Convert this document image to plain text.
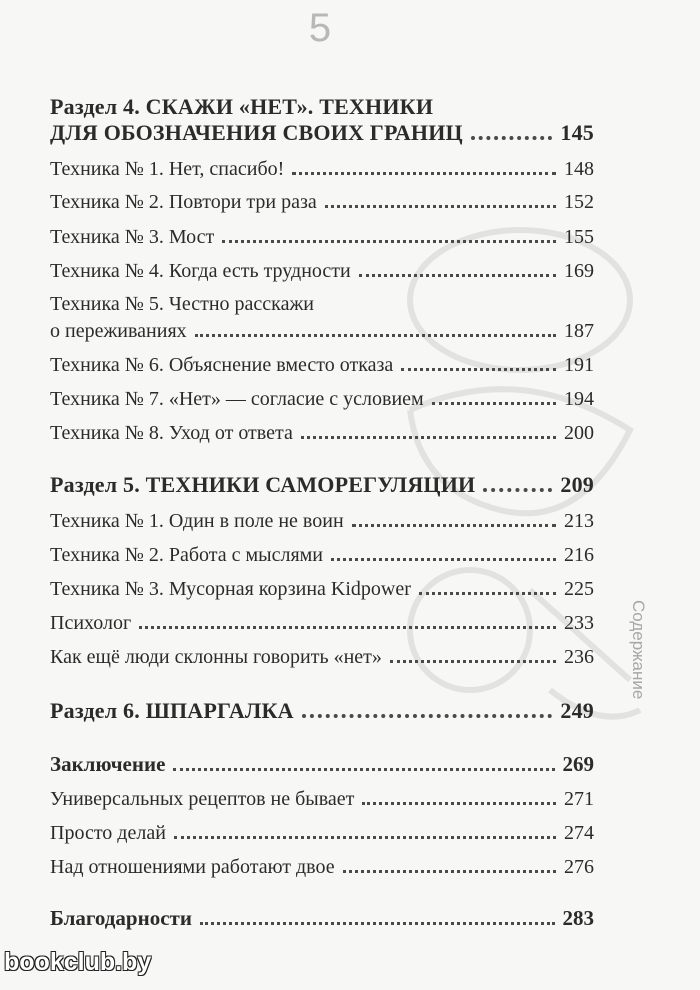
5
Раздел 4. СКАЖИ «НЕТ». ТЕХНИКИ
ДЛЯ ОБОЗНАЧЕНИЯ СВОИХ ГРАНИЦ	145
Техника № 1. Нет, спасибо!	148
Техника № 2. Повтори три раза	152
Техника № 3. Мост	155
Техника № 4. Когда есть трудности	169
Техника № 5. Честно расскажи
о переживаниях	187
Техника № 6. Объяснение вместо отказа	191
Техника № 7. «Нет» — согласие с условием	194
Техника № 8. Уход от ответа	200
Раздел 5. ТЕХНИКИ САМОРЕГУЛЯЦИИ	209
Техника № 1. Один в поле не воин	213
Техника № 2. Работа с мыслями	216
Техника № 3. Мусорная корзина Kidpower	225
Психолог	233
Как ещё люди склонны говорить «нет»	236
Раздел 6. ШПАРГАЛКА	249
Заключение	269
Универсальных рецептов не бывает	271
Просто делай	274
Над отношениями работают двое	276
Благодарности	283
Содержание
bookclub.by
